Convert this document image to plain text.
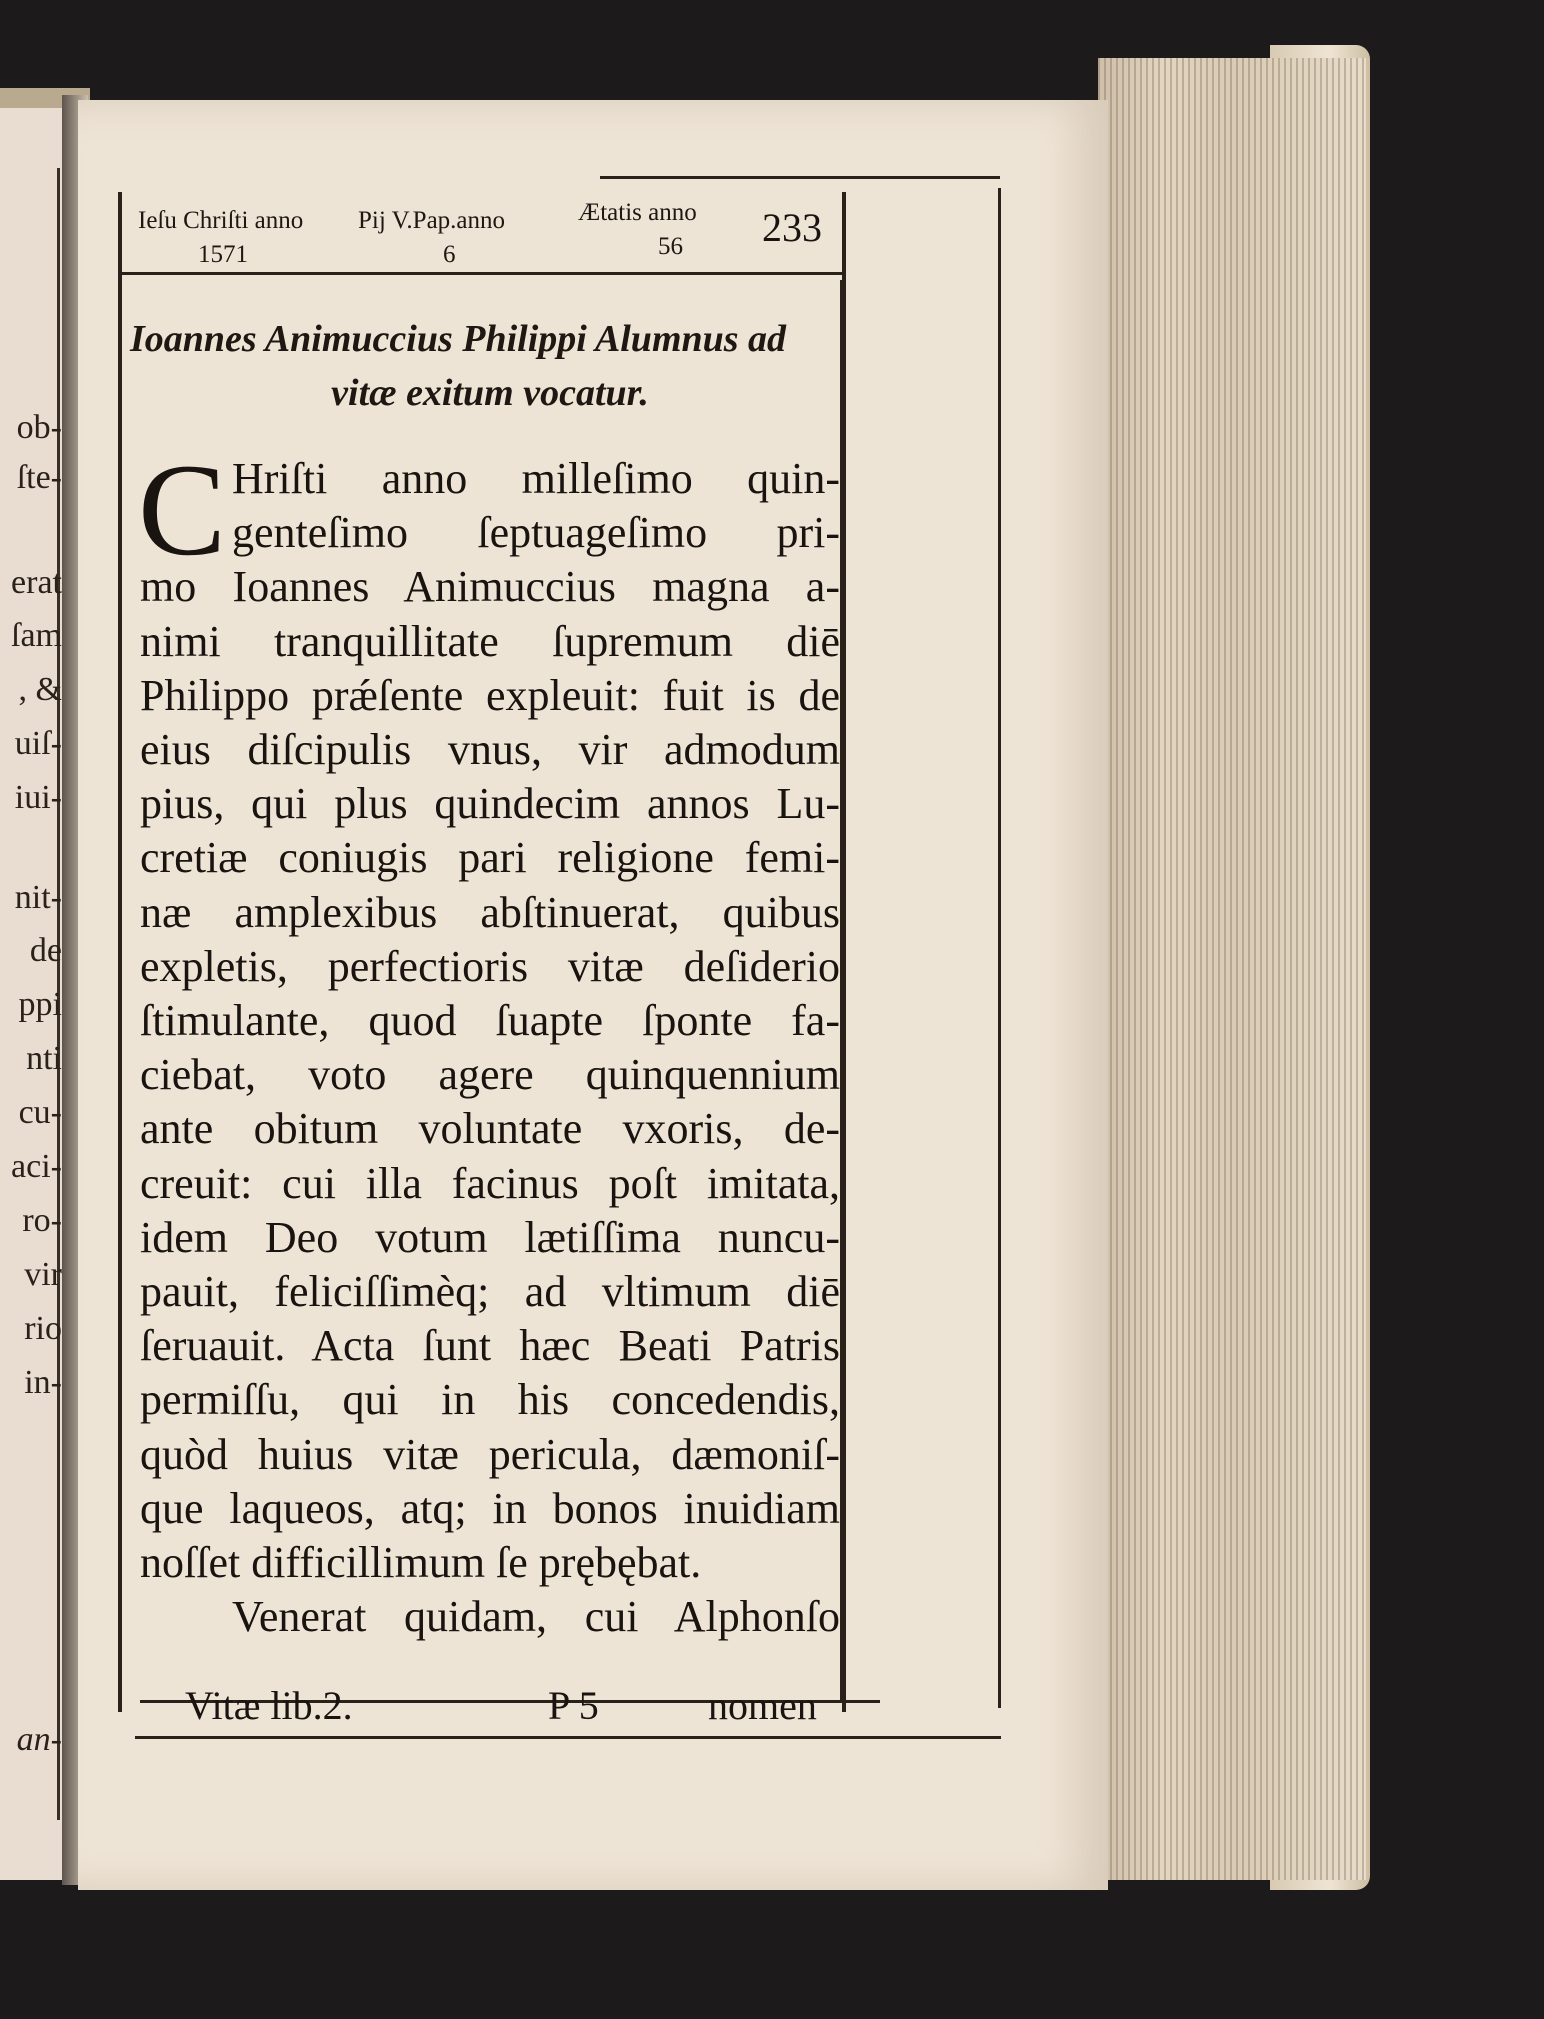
ob-
ſte-
erat
ſam
, &
uiſ-
iui-
nit-
de
ppi
nti
cu-
aci-
ro-
vir
rio
in-
an-
Ieſu Chriſti anno
1571
Pij V.Pap.anno
6
Ætatis anno
56 233
Ioannes Animuccius Philippi Alumnus ad
vitæ exitum vocatur.
C Hriſti anno milleſimo quin-
genteſimo ſeptuageſimo pri-
mo Ioannes Animuccius magna a-
nimi tranquillitate ſupremum diē
Philippo prǽſente expleuit: fuit is de
eius diſcipulis vnus, vir admodum
pius, qui plus quindecim annos Lu-
cretiæ coniugis pari religione femi-
næ amplexibus abſtinuerat, quibus
expletis, perfectioris vitæ deſiderio
ſtimulante, quod ſuapte ſponte fa-
ciebat, voto agere quinquennium
ante obitum voluntate vxoris, de-
creuit: cui illa facinus poſt imitata,
idem Deo votum lætiſſima nuncu-
pauit, feliciſſimèq; ad vltimum diē
ſeruauit. Acta ſunt hæc Beati Patris
permiſſu, qui in his concedendis,
quòd huius vitæ pericula, dæmoniſ-
que laqueos, atq; in bonos inuidiam
noſſet difficillimum ſe prębębat.
Venerat quidam, cui Alphonſo
Vitæ lib.2.	P 5	nomen
